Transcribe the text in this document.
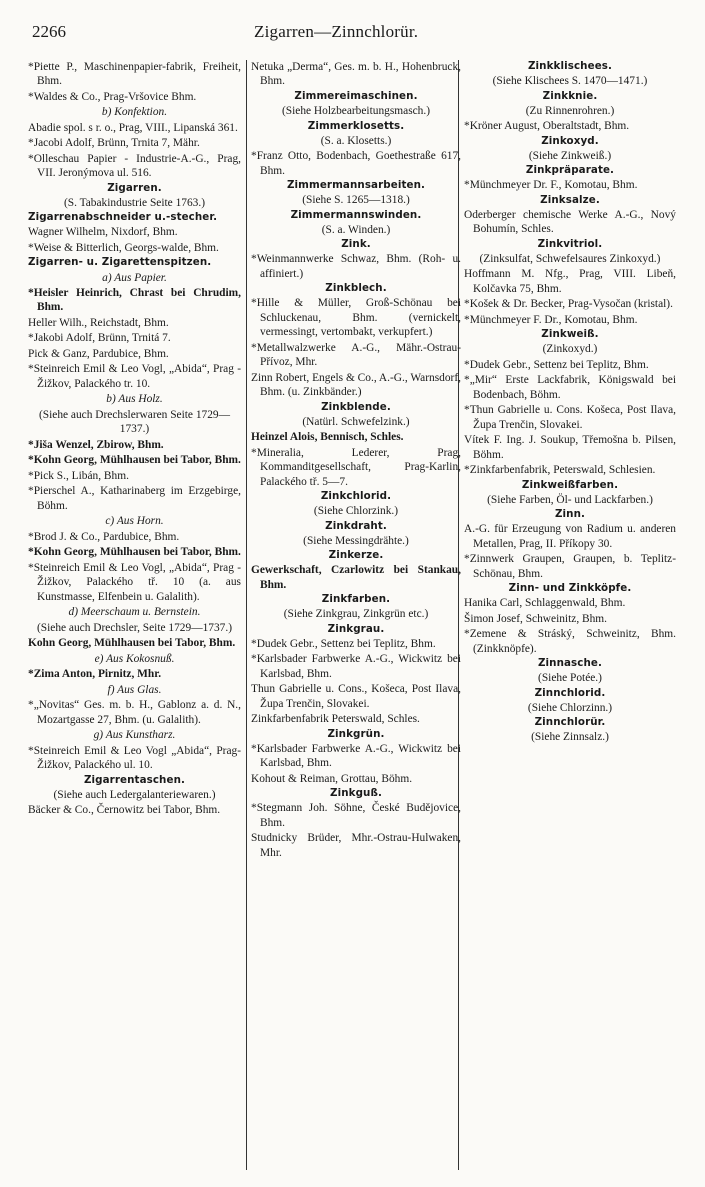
2266	Zigarren—Zinnchlorür.

*Piette P., Maschinenpapier-fabrik, Freiheit, Bhm.

*Waldes & Co., Prag-Vršovice Bhm.

b) Konfektion.

Abadie spol. s r. o., Prag, VIII., Lipanská 361.

*Jacobi Adolf, Brünn, Trnita 7, Mähr.

*Olleschau Papier - Industrie-A.-G., Prag, VII. Jeronýmova ul. 516.

Zigarren.

(S. Tabakindustrie Seite 1763.)

Zigarrenabschneider u.-stecher.

Wagner Wilhelm, Nixdorf, Bhm.

*Weise & Bitterlich, Georgs-walde, Bhm.

Zigarren- u. Zigarettenspitzen.

a) Aus Papier.

*Heisler Heinrich, Chrast bei Chrudim, Bhm.

Heller Wilh., Reichstadt, Bhm.

*Jakobi Adolf, Brünn, Trnitá 7.

Pick & Ganz, Pardubice, Bhm.

*Steinreich Emil & Leo Vogl, „Abida“, Prag - Žižkov, Palackého tr. 10.

b) Aus Holz.

(Siehe auch Drechslerwaren Seite 1729—1737.)

*Jiša Wenzel, Zbirow, Bhm.

*Kohn Georg, Mühlhausen bei Tabor, Bhm.

*Pick S., Libán, Bhm.

*Pierschel A., Katharinaberg im Erzgebirge, Böhm.

c) Aus Horn.

*Brod J. & Co., Pardubice, Bhm.

*Kohn Georg, Mühlhausen bei Tabor, Bhm.

*Steinreich Emil & Leo Vogl, „Abida“, Prag - Žižkov, Palackého tř. 10 (a. aus Kunstmasse, Elfenbein u. Galalith).

d) Meerschaum u. Bernstein.

(Siehe auch Drechsler, Seite 1729—1737.)

Kohn Georg, Mühlhausen bei Tabor, Bhm.

e) Aus Kokosnuß.

*Zima Anton, Pirnitz, Mhr.

f) Aus Glas.

*„Novitas“ Ges. m. b. H., Gablonz a. d. N., Mozartgasse 27, Bhm. (u. Galalith).

g) Aus Kunstharz.

*Steinreich Emil & Leo Vogl „Abida“, Prag-Žižkov, Palackého ul. 10.

Zigarrentaschen.

(Siehe auch Ledergalanteriewaren.)

Bäcker & Co., Černowitz bei Tabor, Bhm.

Netuka „Derma“, Ges. m. b. H., Hohenbruck, Bhm.

Zimmereimaschinen.

(Siehe Holzbearbeitungsmasch.)

Zimmerklosetts.

(S. a. Klosetts.)

*Franz Otto, Bodenbach, Goethestraße 617, Bhm.

Zimmermannsarbeiten.

(Siehe S. 1265—1318.)

Zimmermannswinden.

(S. a. Winden.)

Zink.

*Weinmannwerke Schwaz, Bhm. (Roh- u. affiniert.)

Zinkblech.

*Hille & Müller, Groß-Schönau bei Schluckenau, Bhm. (vernickelt, vermessingt, vertombakt, verkupfert.)

*Metallwalzwerke A.-G., Mähr.-Ostrau-Přívoz, Mhr.

Zinn Robert, Engels & Co., A.-G., Warnsdorf, Bhm. (u. Zinkbänder.)

Zinkblende.

(Natürl. Schwefelzink.)

Heinzel Alois, Bennisch, Schles.

*Mineralia, Lederer, Prag, Kommanditgesellschaft, Prag-Karlin, Palackého tř. 5—7.

Zinkchlorid.

(Siehe Chlorzink.)

Zinkdraht.

(Siehe Messingdrähte.)

Zinkerze.

Gewerkschaft, Czarlowitz bei Stankau, Bhm.

Zinkfarben.

(Siehe Zinkgrau, Zinkgrün etc.)

Zinkgrau.

*Dudek Gebr., Settenz bei Teplitz, Bhm.

*Karlsbader Farbwerke A.-G., Wickwitz bei Karlsbad, Bhm.

Thun Gabrielle u. Cons., Košeca, Post Ilava, Župa Trenčin, Slovakei.

Zinkfarbenfabrik Peterswald, Schles.

Zinkgrün.

*Karlsbader Farbwerke A.-G., Wickwitz bei Karlsbad, Bhm.

Kohout & Reiman, Grottau, Böhm.

Zinkguß.

*Stegmann Joh. Söhne, České Budějovice, Bhm.

Studnicky Brüder, Mhr.-Ostrau-Hulwaken, Mhr.

Zinkklischees.

(Siehe Klischees S. 1470—1471.)

Zinkknie.

(Zu Rinnenrohren.)

*Kröner August, Oberaltstadt, Bhm.

Zinkoxyd.

(Siehe Zinkweiß.)

Zinkpräparate.

*Münchmeyer Dr. F., Komotau, Bhm.

Zinksalze.

Oderberger chemische Werke A.-G., Nový Bohumín, Schles.

Zinkvitriol.

(Zinksulfat, Schwefelsaures Zinkoxyd.)

Hoffmann M. Nfg., Prag, VIII. Libeň, Kolčavka 75, Bhm.

*Košek & Dr. Becker, Prag-Vysočan (kristal).

*Münchmeyer F. Dr., Komotau, Bhm.

Zinkweiß.

(Zinkoxyd.)

*Dudek Gebr., Settenz bei Teplitz, Bhm.

*„Mir“ Erste Lackfabrik, Königswald bei Bodenbach, Böhm.

*Thun Gabrielle u. Cons. Košeca, Post Ilava, Župa Trenčin, Slovakei.

Vítek F. Ing. J. Soukup, Třemošna b. Pilsen, Böhm.

*Zinkfarbenfabrik, Peterswald, Schlesien.

Zinkweißfarben.

(Siehe Farben, Öl- und Lackfarben.)

Zinn.

A.-G. für Erzeugung von Radium u. anderen Metallen, Prag, II. Příkopy 30.

*Zinnwerk Graupen, Graupen, b. Teplitz-Schönau, Bhm.

Zinn- und Zinkköpfe.

Hanika Carl, Schlaggenwald, Bhm.

Šimon Josef, Schweinitz, Bhm.

*Zemene & Stráský, Schweinitz, Bhm. (Zinkknöpfe).

Zinnasche.

(Siehe Potée.)

Zinnchlorid.

(Siehe Chlorzinn.)

Zinnchlorür.

(Siehe Zinnsalz.)
